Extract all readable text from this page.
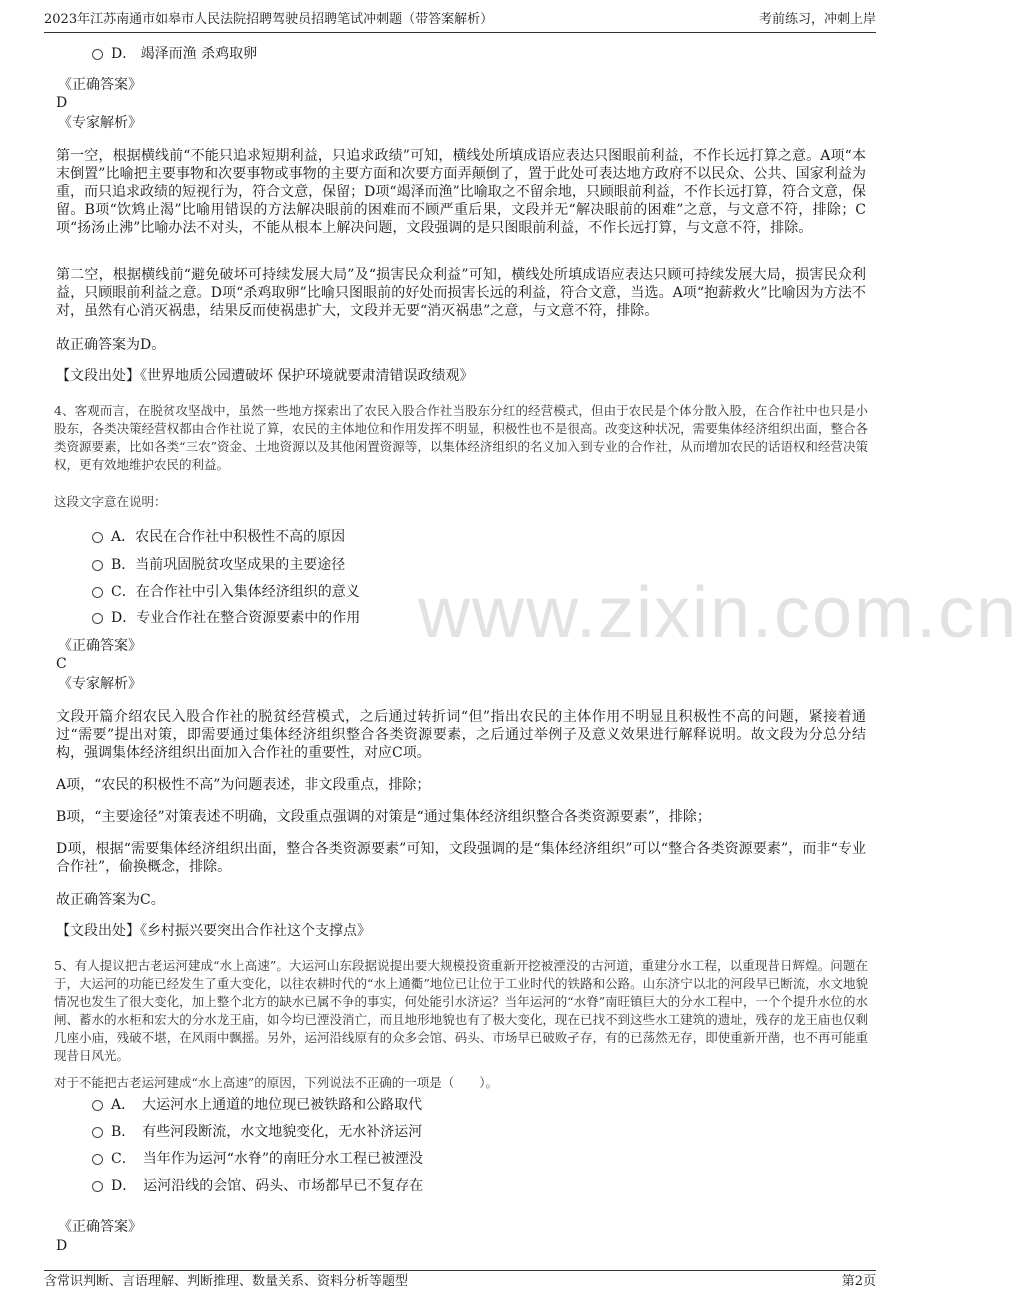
2023年江苏南通市如皋市人民法院招聘驾驶员招聘笔试冲刺题（带答案解析）	考前练习，冲刺上岸
www.zixin.com.cn
D． 竭泽而渔 杀鸡取卵
《正确答案》
D
《专家解析》
第一空，根据横线前“不能只追求短期利益，只追求政绩”可知，横线处所填成语应表达只图眼前利益，不作长远打算之意。A项“本末倒置”比喻把主要事物和次要事物或事物的主要方面和次要方面弄颠倒了，置于此处可表达地方政府不以民众、公共、国家利益为重，而只追求政绩的短视行为，符合文意，保留；D项“竭泽而渔”比喻取之不留余地，只顾眼前利益，不作长远打算，符合文意，保留。B项“饮鸩止渴”比喻用错误的方法解决眼前的困难而不顾严重后果，文段并无“解决眼前的困难”之意，与文意不符，排除；C项“扬汤止沸”比喻办法不对头，不能从根本上解决问题，文段强调的是只图眼前利益，不作长远打算，与文意不符，排除。
第二空，根据横线前“避免破坏可持续发展大局”及“损害民众利益”可知，横线处所填成语应表达只顾可持续发展大局，损害民众利益，只顾眼前利益之意。D项“杀鸡取卵”比喻只图眼前的好处而损害长远的利益，符合文意，当选。A项“抱薪救火”比喻因为方法不对，虽然有心消灭祸患，结果反而使祸患扩大，文段并无要“消灭祸患”之意，与文意不符，排除。
故正确答案为D。
【文段出处】《世界地质公园遭破坏 保护环境就要肃清错误政绩观》
4、客观而言，在脱贫攻坚战中，虽然一些地方探索出了农民入股合作社当股东分红的经营模式，但由于农民是个体分散入股，在合作社中也只是小股东，各类决策经营权都由合作社说了算，农民的主体地位和作用发挥不明显，积极性也不是很高。改变这种状况，需要集体经济组织出面，整合各类资源要素，比如各类“三农”资金、土地资源以及其他闲置资源等，以集体经济组织的名义加入到专业的合作社，从而增加农民的话语权和经营决策权，更有效地维护农民的利益。
这段文字意在说明：
A．农民在合作社中积极性不高的原因
B．当前巩固脱贫攻坚成果的主要途径
C．在合作社中引入集体经济组织的意义
D．专业合作社在整合资源要素中的作用
《正确答案》
C
《专家解析》
文段开篇介绍农民入股合作社的脱贫经营模式，之后通过转折词“但”指出农民的主体作用不明显且积极性不高的问题，紧接着通过“需要”提出对策，即需要通过集体经济组织整合各类资源要素，之后通过举例子及意义效果进行解释说明。故文段为分总分结构，强调集体经济组织出面加入合作社的重要性，对应C项。
A项，“农民的积极性不高”为问题表述，非文段重点，排除；
B项，“主要途径”对策表述不明确，文段重点强调的对策是“通过集体经济组织整合各类资源要素”，排除；
D项，根据“需要集体经济组织出面，整合各类资源要素”可知，文段强调的是“集体经济组织”可以“整合各类资源要素”，而非“专业合作社”，偷换概念，排除。
故正确答案为C。
【文段出处】《乡村振兴要突出合作社这个支撑点》
5、有人提议把古老运河建成“水上高速”。大运河山东段据说提出要大规模投资重新开挖被湮没的古河道，重建分水工程，以重现昔日辉煌。问题在于，大运河的功能已经发生了重大变化，以往农耕时代的“水上通衢”地位已让位于工业时代的铁路和公路。山东济宁以北的河段早已断流，水文地貌情况也发生了很大变化，加上整个北方的缺水已属不争的事实，何处能引水济运？当年运河的“水脊”南旺镇巨大的分水工程中，一个个提升水位的水闸、蓄水的水柜和宏大的分水龙王庙，如今均已湮没消亡，而且地形地貌也有了极大变化，现在已找不到这些水工建筑的遗址，残存的龙王庙也仅剩几座小庙，残破不堪，在风雨中飘摇。另外，运河沿线原有的众多会馆、码头、市场早已破败孑存，有的已荡然无存，即使重新开凿，也不再可能重现昔日风光。
对于不能把古老运河建成“水上高速”的原因，下列说法不正确的一项是（　　）。
A．　大运河水上通道的地位现已被铁路和公路取代
B．　有些河段断流，水文地貌变化，无水补济运河
C．　当年作为运河“水脊”的南旺分水工程已被湮没
D．　运河沿线的会馆、码头、市场都早已不复存在
《正确答案》
D
含常识判断、言语理解、判断推理、数量关系、资料分析等题型	第2页
